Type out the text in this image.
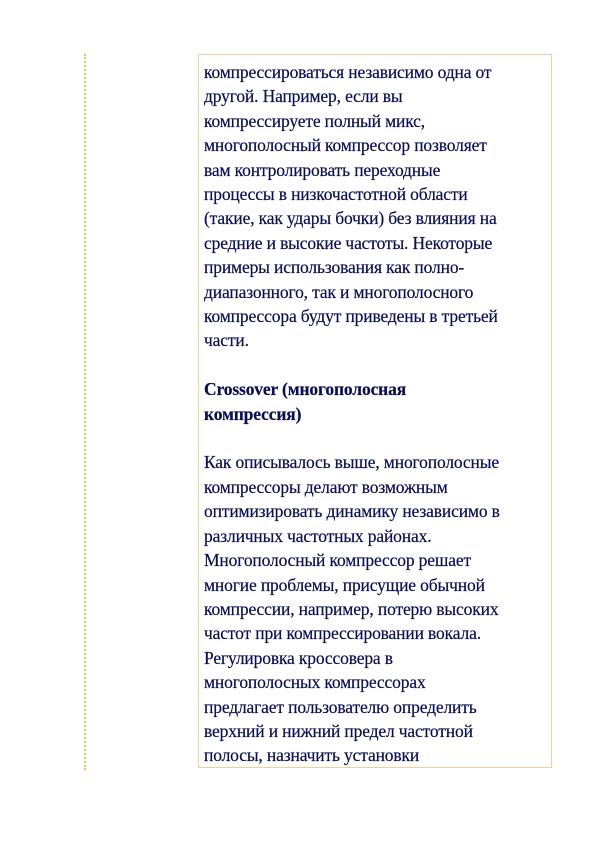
компрессироваться независимо одна от
другой. Например, если вы
компрессируете полный микс,
многополосный компрессор позволяет
вам контролировать переходные
процессы в низкочастотной области
(такие, как удары бочки) без влияния на
средние и высокие частоты. Некоторые
примеры использования как полно-
диапазонного, так и многополосного
компрессора будут приведены в третьей
части.
Crossover (многополосная
компрессия)
Как описывалось выше, многополосные
компрессоры делают возможным
оптимизировать динамику независимо в
различных частотных районах.
Многополосный компрессор решает
многие проблемы, присущие обычной
компрессии, например, потерю высоких
частот при компрессировании вокала.
Регулировка кроссовера в
многополосных компрессорах
предлагает пользователю определить
верхний и нижний предел частотной
полосы, назначить установки
